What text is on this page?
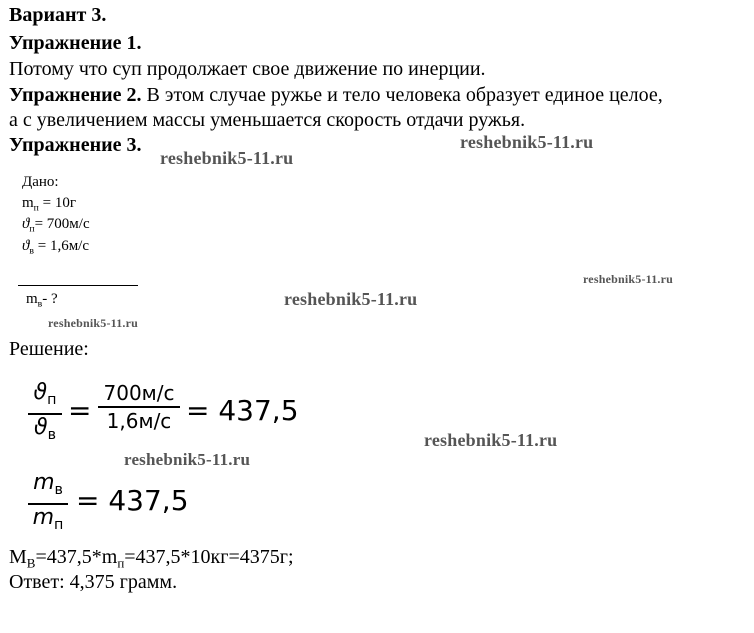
Вариант 3.
Упражнение 1.
Потому что суп продолжает свое движение по инерции.
Упражнение 2. В этом случае ружье и тело человека образует единое целое,
а с увеличением массы уменьшается скорость отдачи ружья.
Упражнение 3.
Дано:
$m_п = 10г$
$ϑ_п= 700м/с$
$ϑ_в = 1,6м/с$
$m_в-$ ?
Решение:
$ϑ_п$
$ϑ_в$
=
700м/с
1,6м/с = 437,5
$m_в$
$m_п$
= 437,5
$M_B=437,5*m_п=437,5*10кг=4375г$;
Ответ: 4,375 грамм.
reshebnik5-11.ru
reshebnik5-11.ru
reshebnik5-11.ru
reshebnik5-11.ru
reshebnik5-11.ru
reshebnik5-11.ru
reshebnik5-11.ru
